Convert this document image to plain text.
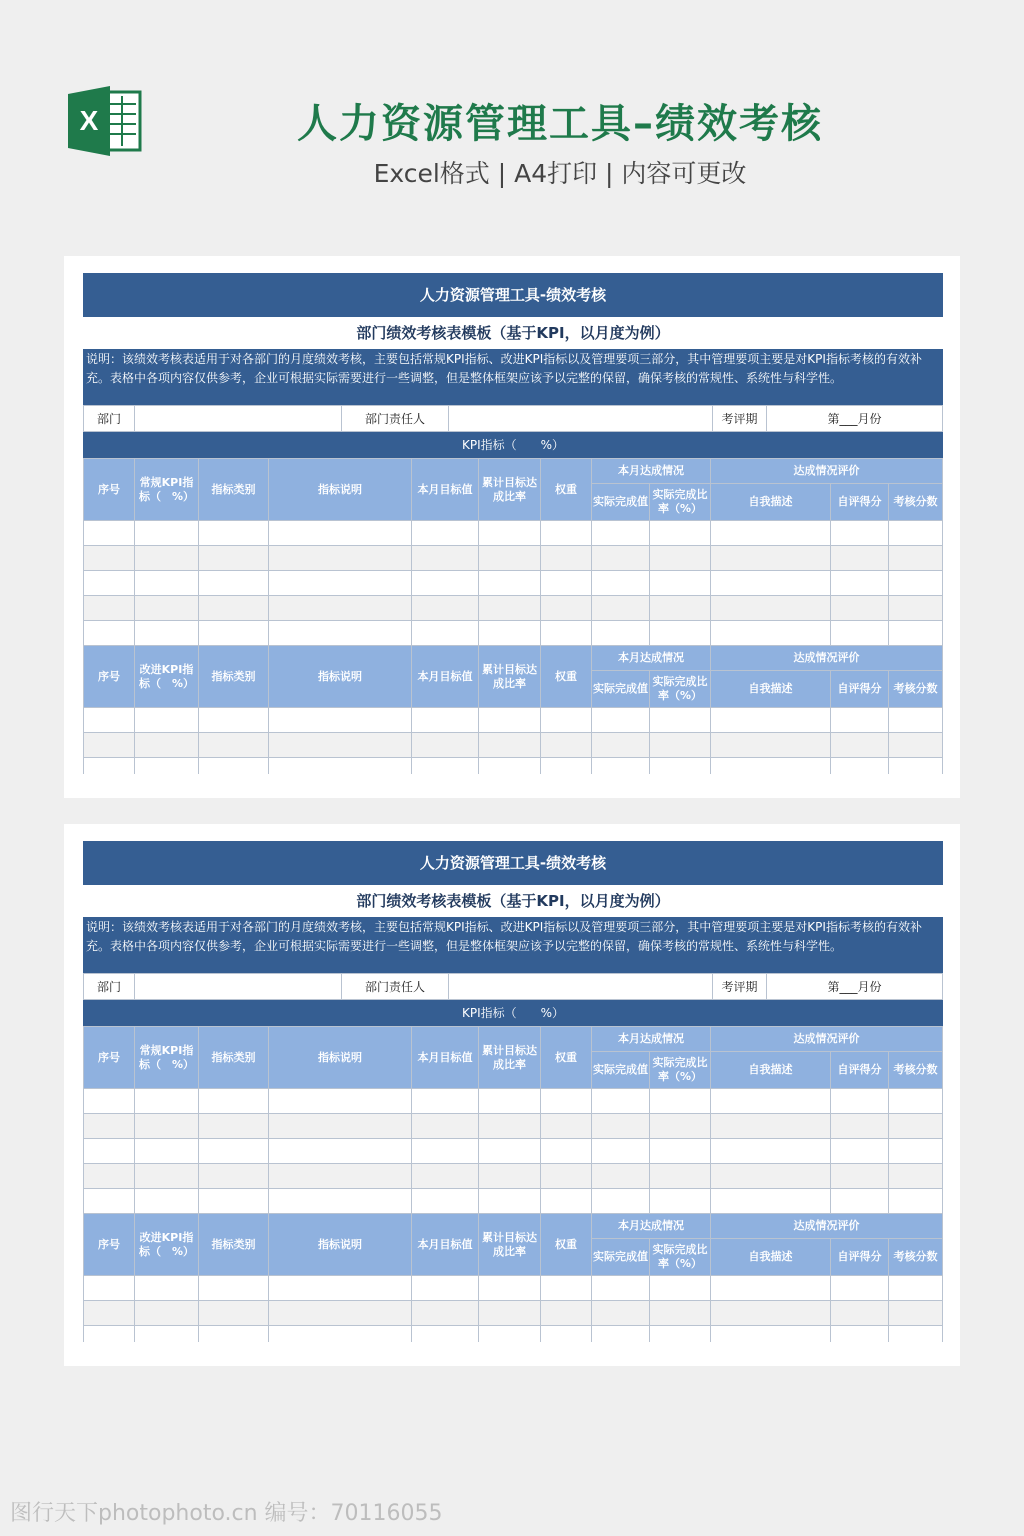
X	人力资源管理工具–绩效考核
Excel格式 | A4打印 | 内容可更改
人力资源管理工具-绩效考核
部门绩效考核表模板（基于KPI，以月度为例）
说明：该绩效考核表适用于对各部门的月度绩效考核，主要包括常规KPI指标、改进KPI指标以及管理要项三部分，其中管理要项主要是对KPI指标考核的有效补充。表格中各项内容仅供参考，企业可根据实际需要进行一些调整，但是整体框架应该予以完整的保留，确保考核的常规性、系统性与科学性。
部门		部门责任人		考评期	第___月份
KPI指标（　　%）
序号	常规KPI指标（　%）	指标类别	指标说明	本月目标值	累计目标达成比率	权重	本月达成情况		达成情况评价		
							实际完成值	实际完成比率（%）	自我描述	自评得分	考核分数

序号	改进KPI指标（　%）	指标类别	指标说明	本月目标值	累计目标达成比率	权重	本月达成情况		达成情况评价		
							实际完成值	实际完成比率（%）	自我描述	自评得分	考核分数

人力资源管理工具-绩效考核
部门绩效考核表模板（基于KPI，以月度为例）
说明：该绩效考核表适用于对各部门的月度绩效考核，主要包括常规KPI指标、改进KPI指标以及管理要项三部分，其中管理要项主要是对KPI指标考核的有效补充。表格中各项内容仅供参考，企业可根据实际需要进行一些调整，但是整体框架应该予以完整的保留，确保考核的常规性、系统性与科学性。
部门		部门责任人		考评期	第___月份
KPI指标（　　%）
序号	常规KPI指标（　%）	指标类别	指标说明	本月目标值	累计目标达成比率	权重	本月达成情况		达成情况评价		
							实际完成值	实际完成比率（%）	自我描述	自评得分	考核分数

序号	改进KPI指标（　%）	指标类别	指标说明	本月目标值	累计目标达成比率	权重	本月达成情况		达成情况评价		
							实际完成值	实际完成比率（%）	自我描述	自评得分	考核分数

图行天下photophoto.cn 编号：70116055
